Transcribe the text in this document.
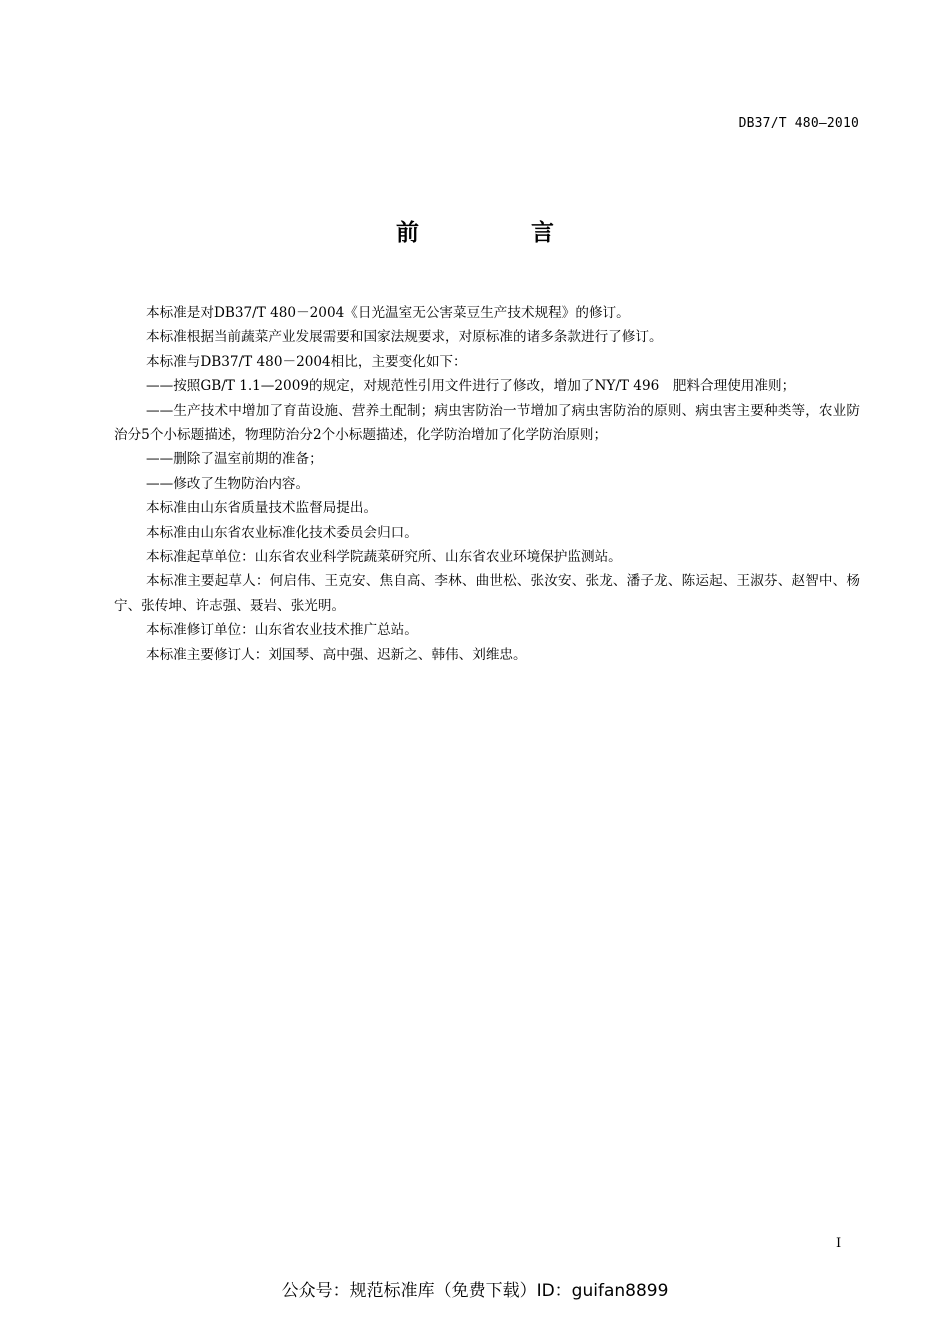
DB37/T 480—2010
前 言

本标准是对DB37/T 480－2004《日光温室无公害菜豆生产技术规程》的修订。

本标准根据当前蔬菜产业发展需要和国家法规要求，对原标准的诸多条款进行了修订。

本标准与DB37/T 480－2004相比，主要变化如下：

——按照GB/T 1.1—2009的规定，对规范性引用文件进行了修改，增加了NY/T 496　肥料合理使用准则；

——生产技术中增加了育苗设施、营养土配制；病虫害防治一节增加了病虫害防治的原则、病虫害主要种类等，农业防治分5个小标题描述，物理防治分2个小标题描述，化学防治增加了化学防治原则；

——删除了温室前期的准备；

——修改了生物防治内容。

本标准由山东省质量技术监督局提出。

本标准由山东省农业标准化技术委员会归口。

本标准起草单位：山东省农业科学院蔬菜研究所、山东省农业环境保护监测站。

本标准主要起草人：何启伟、王克安、焦自高、李林、曲世松、张汝安、张龙、潘子龙、陈运起、王淑芬、赵智中、杨宁、张传坤、许志强、聂岩、张光明。

本标准修订单位：山东省农业技术推广总站。

本标准主要修订人：刘国琴、高中强、迟新之、韩伟、刘维忠。

I
公众号：规范标准库（免费下载）ID：guifan8899
